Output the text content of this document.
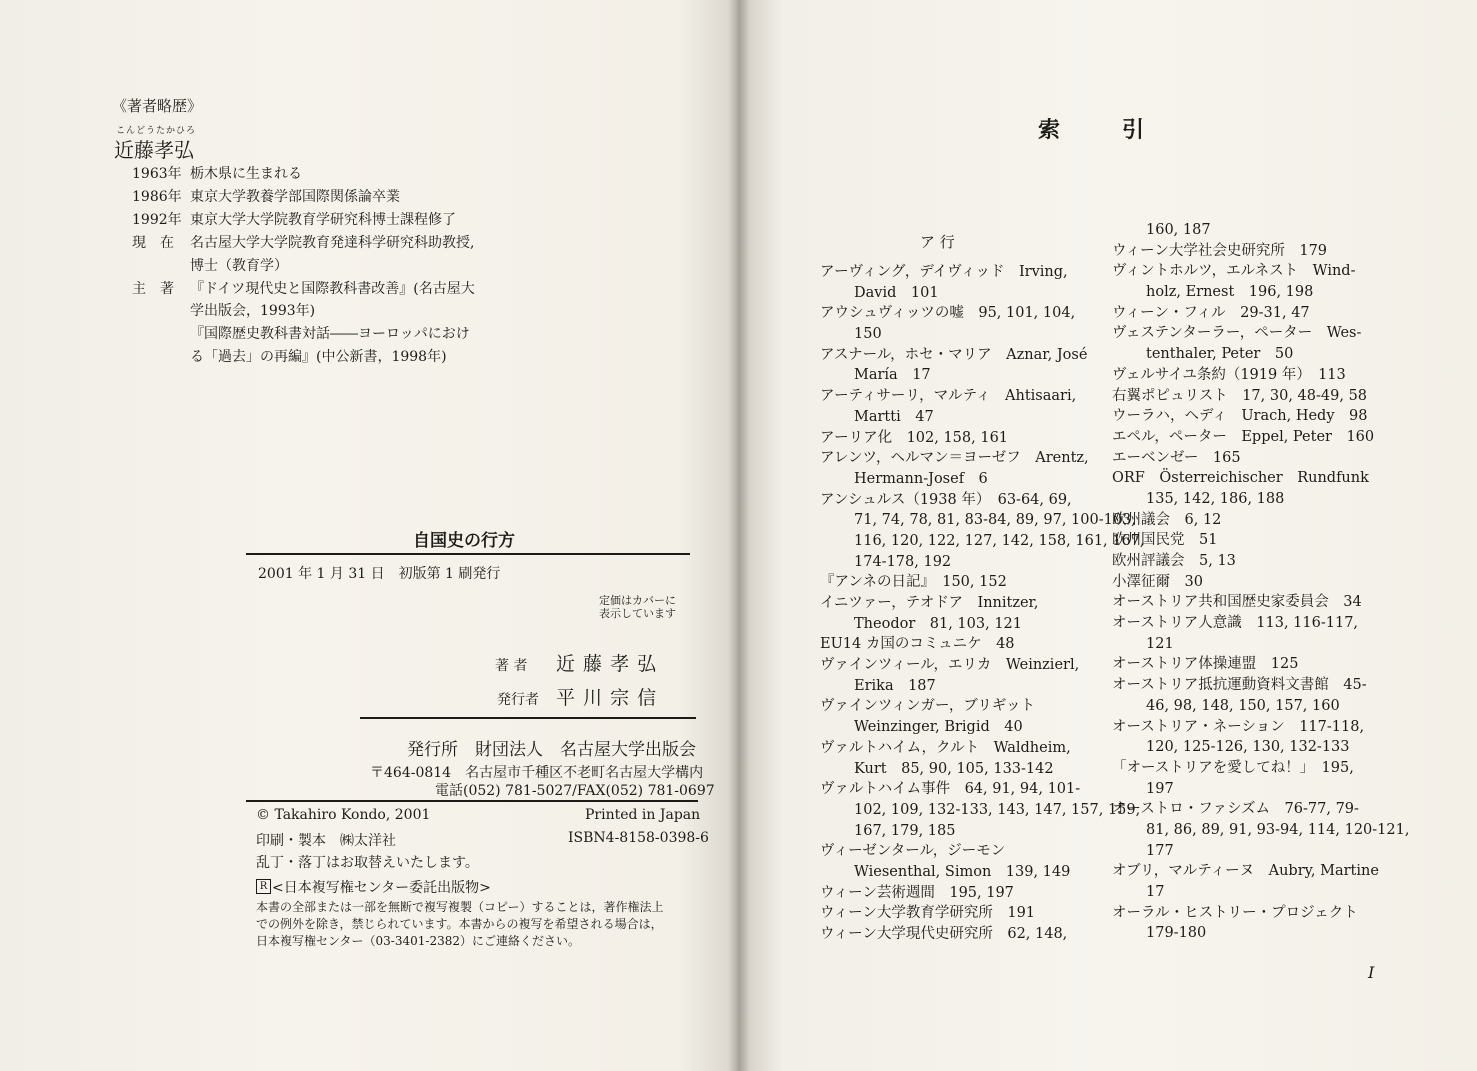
《著者略歴》
こんどうたかひろ
近藤孝弘
1963年 栃木県に生まれる
1986年 東京大学教養学部国際関係論卒業
1992年 東京大学大学院教育学研究科博士課程修了
現　在 名古屋大学大学院教育発達科学研究科助教授,
博士（教育学）
主　著 『ドイツ現代史と国際教科書改善』(名古屋大
学出版会，1993年)
『国際歴史教科書対話――ヨーロッパにおけ
る「過去」の再編』(中公新書，1998年)
自国史の行方
2001 年 1 月 31 日　初版第 1 刷発行
定価はカバーに
表示しています
著 者 近 藤 孝 弘
発行者 平 川 宗 信
発行所　財団法人　名古屋大学出版会
〒464-0814　名古屋市千種区不老町名古屋大学構内
電話(052) 781-5027/FAX(052) 781-0697
© Takahiro Kondo, 2001	Printed in Japan
印刷・製本　㈱太洋社	ISBN4-8158-0398-6
乱丁・落丁はお取替えいたします。
R <日本複写権センター委託出版物>
本書の全部または一部を無断で複写複製（コピー）することは，著作権法上
での例外を除き，禁じられています。本書からの複写を希望される場合は，
日本複写権センター（03-3401-2382）にご連絡ください。
索　引
ア 行
アーヴィング，デイヴィッド　Irving,
David　101
アウシュヴィッツの嘘　95, 101, 104,
150
アスナール，ホセ・マリア　Aznar, José
María　17
アーティサーリ，マルティ　Ahtisaari,
Martti　47
アーリア化　102, 158, 161
アレンツ，ヘルマン＝ヨーゼフ　Arentz,
Hermann-Josef　6
アンシュルス（1938 年）　63-64, 69,
71, 74, 78, 81, 83-84, 89, 97, 100-103,
116, 120, 122, 127, 142, 158, 161, 167,
174-178, 192
『アンネの日記』　150, 152
イニツァー，テオドア　Innitzer,
Theodor　81, 103, 121
EU14 カ国のコミュニケ　48
ヴァインツィール，エリカ　Weinzierl,
Erika　187
ヴァインツィンガー，ブリギット
Weinzinger, Brigid　40
ヴァルトハイム，クルト　Waldheim,
Kurt　85, 90, 105, 133-142
ヴァルトハイム事件　64, 91, 94, 101-
102, 109, 132-133, 143, 147, 157, 159,
167, 179, 185
ヴィーゼンタール，ジーモン
Wiesenthal, Simon　139, 149
ウィーン芸術週間　195, 197
ウィーン大学教育学研究所　191
ウィーン大学現代史研究所　62, 148,
160, 187
ウィーン大学社会史研究所　179
ヴィントホルツ，エルネスト　Wind-
holz, Ernest　196, 198
ウィーン・フィル　29-31, 47
ヴェステンターラー，ペーター　Wes-
tenthaler, Peter　50
ヴェルサイユ条約（1919 年）　113
右翼ポピュリスト　17, 30, 48-49, 58
ウーラハ，ヘディ　Urach, Hedy　98
エペル，ペーター　Eppel, Peter　160
エーベンゼー　165
ORF　Österreichischer　Rundfunk
135, 142, 186, 188
欧州議会　6, 12
欧州国民党　51
欧州評議会　5, 13
小澤征爾　30
オーストリア共和国歴史家委員会　34
オーストリア人意識　113, 116-117,
121
オーストリア体操連盟　125
オーストリア抵抗運動資料文書館　45-
46, 98, 148, 150, 157, 160
オーストリア・ネーション　117-118,
120, 125-126, 130, 132-133
「オーストリアを愛してね！」　195,
197
オーストロ・ファシズム　76-77, 79-
81, 86, 89, 91, 93-94, 114, 120-121,
177
オブリ，マルティーヌ　Aubry, Martine
17
オーラル・ヒストリー・プロジェクト
179-180
I
